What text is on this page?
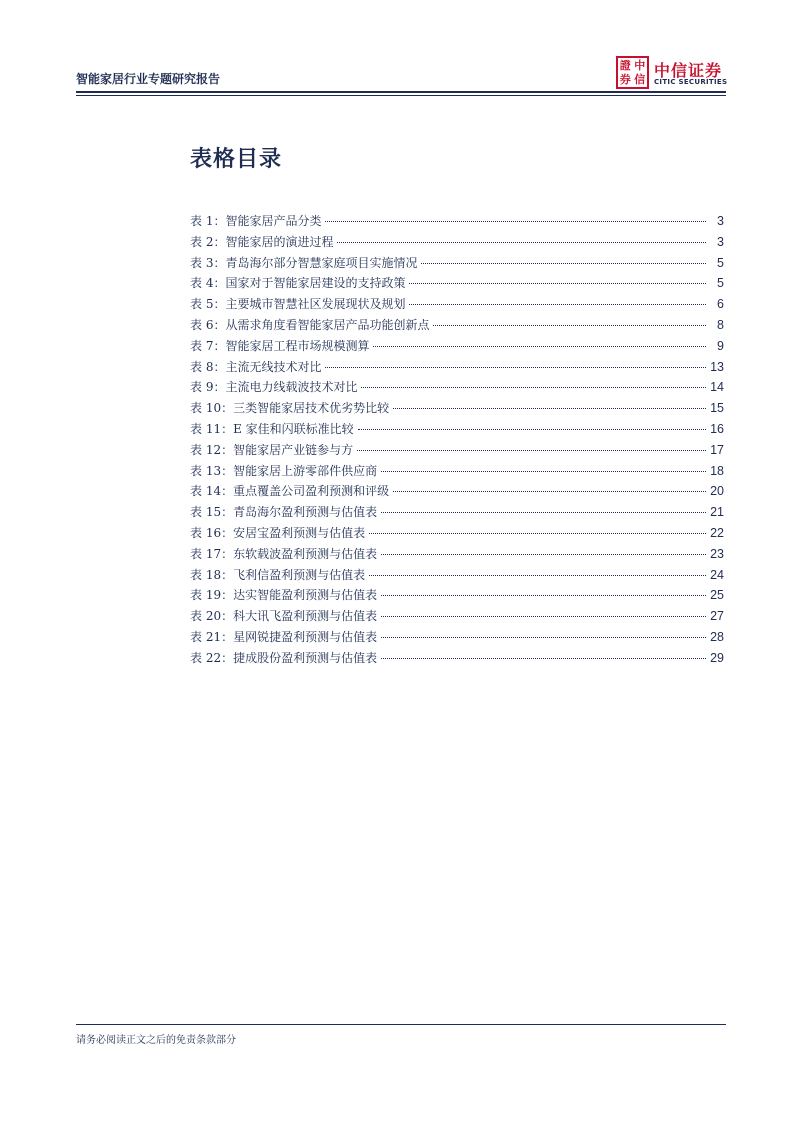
智能家居行业专题研究报告
證 中
券 信 中信证券
CITIC SECURITIES
表格目录
表 1：智能家居产品分类	3
表 2：智能家居的演进过程	3
表 3：青岛海尔部分智慧家庭项目实施情况	5
表 4：国家对于智能家居建设的支持政策	5
表 5：主要城市智慧社区发展现状及规划	6
表 6：从需求角度看智能家居产品功能创新点	8
表 7：智能家居工程市场规模测算	9
表 8：主流无线技术对比	13
表 9：主流电力线载波技术对比	14
表 10：三类智能家居技术优劣势比较	15
表 11：E 家佳和闪联标准比较	16
表 12：智能家居产业链参与方	17
表 13：智能家居上游零部件供应商	18
表 14：重点覆盖公司盈利预测和评级	20
表 15：青岛海尔盈利预测与估值表	21
表 16：安居宝盈利预测与估值表	22
表 17：东软载波盈利预测与估值表	23
表 18：飞利信盈利预测与估值表	24
表 19：达实智能盈利预测与估值表	25
表 20：科大讯飞盈利预测与估值表	27
表 21：星网锐捷盈利预测与估值表	28
表 22：捷成股份盈利预测与估值表	29
请务必阅读正文之后的免责条款部分
